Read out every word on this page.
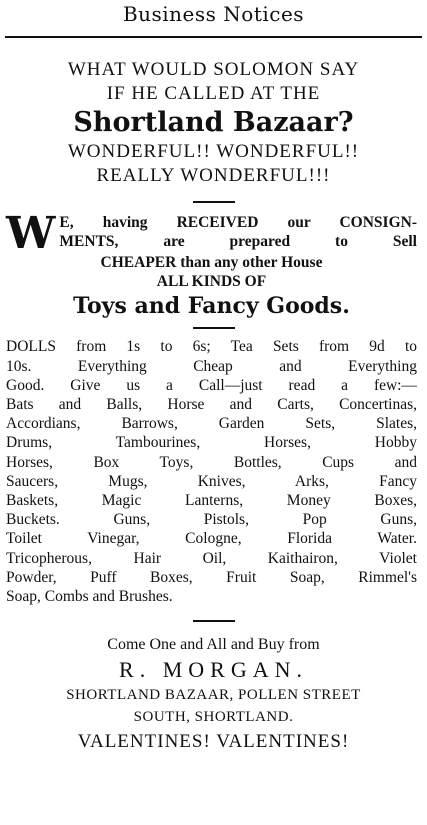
Business Notices
WHAT WOULD SOLOMON SAY
IF HE CALLED AT THE
Shortland Bazaar?
WONDERFUL!! WONDERFUL!!
REALLY WONDERFUL!!!
W E, having RECEIVED our CONSIGN-
MENTS, are prepared to Sell
CHEAPER than any other House
ALL KINDS OF
Toys and Fancy Goods.
DOLLS from 1s to 6s; Tea Sets from 9d to
10s. Everything Cheap and Everything
Good. Give us a Call—just read a few:—
Bats and Balls, Horse and Carts, Concertinas,
Accordians, Barrows, Garden Sets, Slates,
Drums, Tambourines, Horses, Hobby
Horses, Box Toys, Bottles, Cups and
Saucers, Mugs, Knives, Arks, Fancy
Baskets, Magic Lanterns, Money Boxes,
Buckets. Guns, Pistols, Pop Guns,
Toilet Vinegar, Cologne, Florida Water.
Tricopherous, Hair Oil, Kaithairon, Violet
Powder, Puff Boxes, Fruit Soap, Rimmel's
Soap, Combs and Brushes.
Come One and All and Buy from
R. MORGAN.
SHORTLAND BAZAAR, POLLEN STREET
SOUTH, SHORTLAND.
VALENTINES! VALENTINES!
